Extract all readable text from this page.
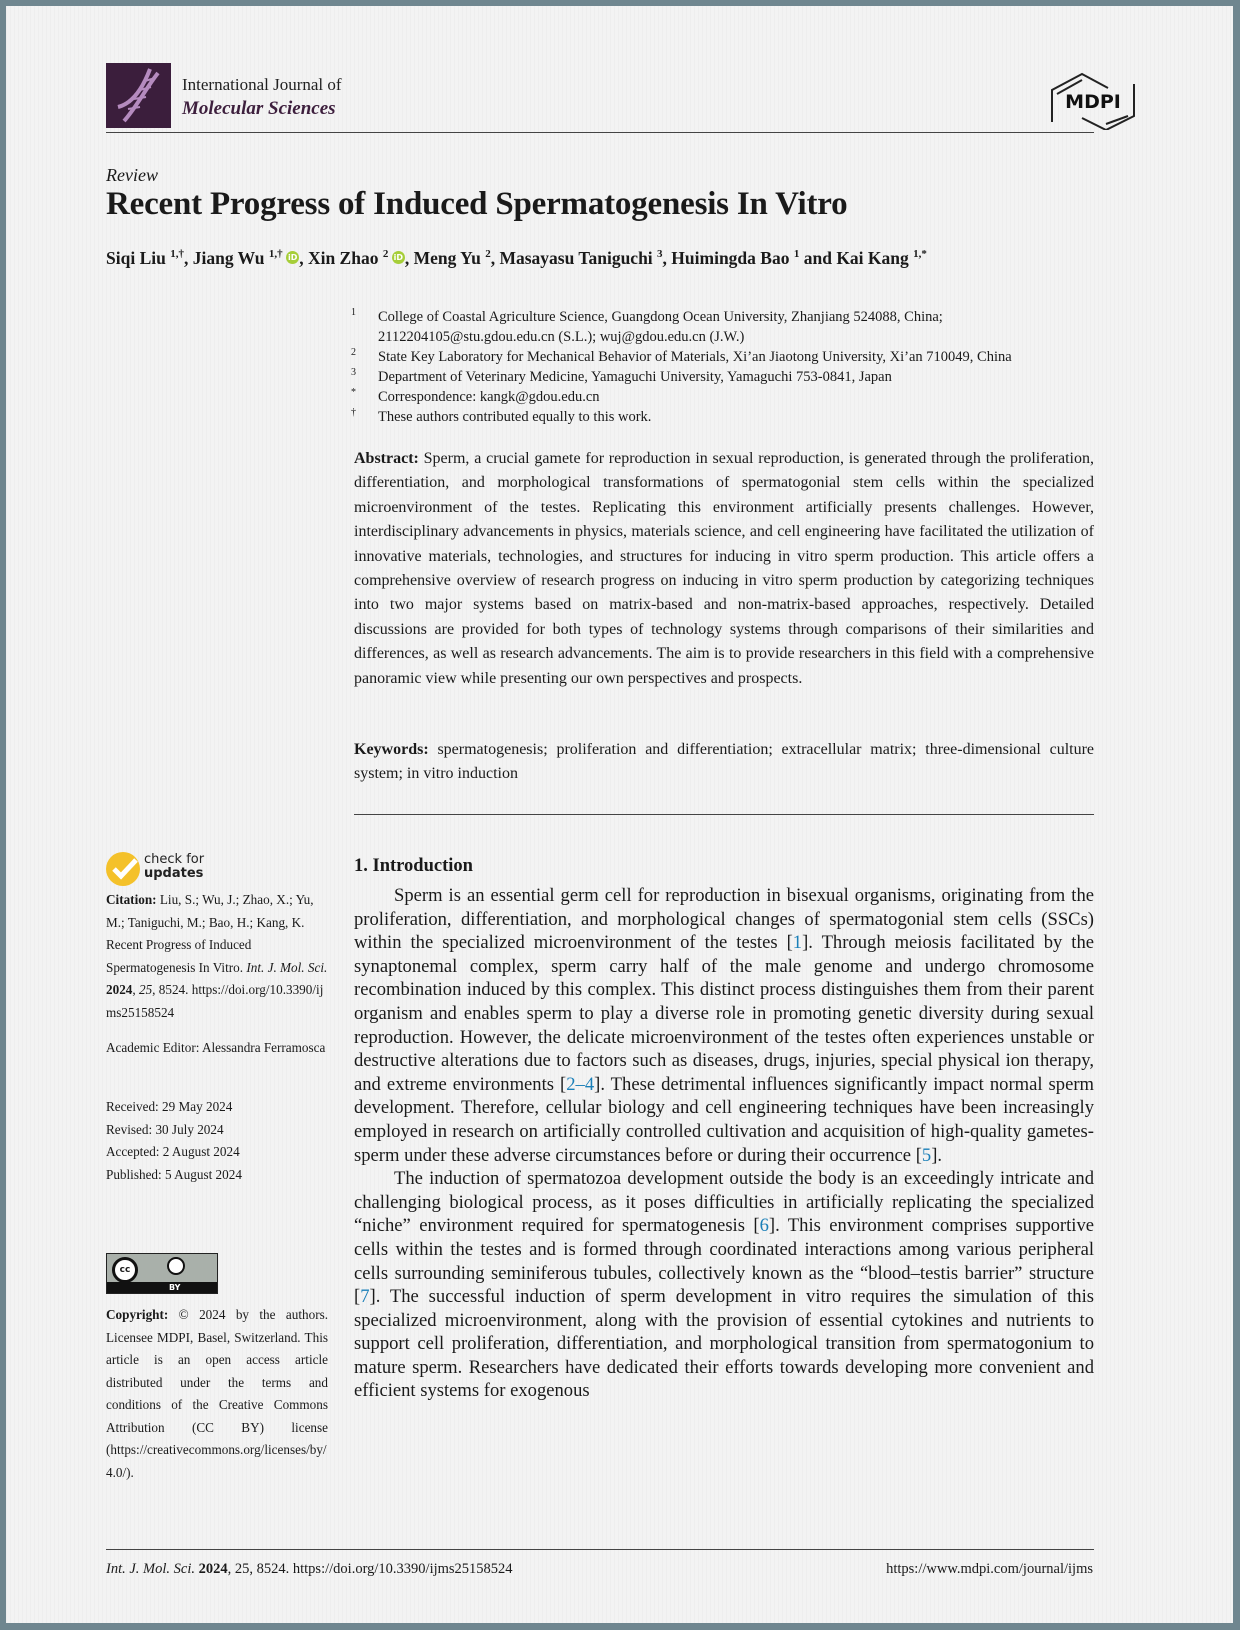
International Journal of
Molecular Sciences	MDPI
Review
Recent Progress of Induced Spermatogenesis In Vitro
Siqi Liu $^{1,\dagger}$, Jiang Wu $^{1,\dagger}$  iD , Xin Zhao $^2$  iD , Meng Yu $^2$, Masayasu Taniguchi $^3$, Huimingda Bao $^1$ and Kai Kang $^{1,*}$
1 College of Coastal Agriculture Science, Guangdong Ocean University, Zhanjiang 524088, China;
2112204105@stu.gdou.edu.cn (S.L.); wuj@gdou.edu.cn (J.W.)
2 State Key Laboratory for Mechanical Behavior of Materials, Xi’an Jiaotong University, Xi’an 710049, China
3 Department of Veterinary Medicine, Yamaguchi University, Yamaguchi 753-0841, Japan
* Correspondence: kangk@gdou.edu.cn
† These authors contributed equally to this work.
Abstract: Sperm, a crucial gamete for reproduction in sexual reproduction, is generated through the proliferation, differentiation, and morphological transformations of spermatogonial stem cells within the specialized microenvironment of the testes. Replicating this environment artificially presents challenges. However, interdisciplinary advancements in physics, materials science, and cell engineering have facilitated the utilization of innovative materials, technologies, and structures for inducing in vitro sperm production. This article offers a comprehensive overview of research progress on inducing in vitro sperm production by categorizing techniques into two major systems based on matrix-based and non-matrix-based approaches, respectively. Detailed discussions are provided for both types of technology systems through comparisons of their similarities and differences, as well as research advancements. The aim is to provide researchers in this field with a comprehensive panoramic view while presenting our own perspectives and prospects.
Keywords: spermatogenesis; proliferation and differentiation; extracellular matrix; three-dimensional culture system; in vitro induction
check for
updates
Citation: Liu, S.; Wu, J.; Zhao, X.; Yu, M.; Taniguchi, M.; Bao, H.; Kang, K. Recent Progress of Induced Spermatogenesis In Vitro. Int. J. Mol. Sci. 2024, 25, 8524. https://doi.org/10.3390/ijms25158524
Academic Editor: Alessandra Ferramosca
Received: 29 May 2024
Revised: 30 July 2024
Accepted: 2 August 2024
Published: 5 August 2024
cc
BY
Copyright: © 2024 by the authors. Licensee MDPI, Basel, Switzerland. This article is an open access article distributed under the terms and conditions of the Creative Commons Attribution (CC BY) license (https://creativecommons.org/licenses/by/4.0/).
1. Introduction
Sperm is an essential germ cell for reproduction in bisexual organisms, originating from the proliferation, differentiation, and morphological changes of spermatogonial stem cells (SSCs) within the specialized microenvironment of the testes [1]. Through meiosis facilitated by the synaptonemal complex, sperm carry half of the male genome and undergo chromosome recombination induced by this complex. This distinct process distinguishes them from their parent organism and enables sperm to play a diverse role in promoting genetic diversity during sexual reproduction. However, the delicate microenvironment of the testes often experiences unstable or destructive alterations due to factors such as diseases, drugs, injuries, special physical ion therapy, and extreme environments [2–4]. These detrimental influences significantly impact normal sperm development. Therefore, cellular biology and cell engineering techniques have been increasingly employed in research on artificially controlled cultivation and acquisition of high-quality gametes-sperm under these adverse circumstances before or during their occurrence [5].
The induction of spermatozoa development outside the body is an exceedingly intricate and challenging biological process, as it poses difficulties in artificially replicating the specialized “niche” environment required for spermatogenesis [6]. This environment comprises supportive cells within the testes and is formed through coordinated interactions among various peripheral cells surrounding seminiferous tubules, collectively known as the “blood–testis barrier” structure [7]. The successful induction of sperm development in vitro requires the simulation of this specialized microenvironment, along with the provision of essential cytokines and nutrients to support cell proliferation, differentiation, and morphological transition from spermatogonium to mature sperm. Researchers have dedicated their efforts towards developing more convenient and efficient systems for exogenous
Int. J. Mol. Sci. 2024, 25, 8524. https://doi.org/10.3390/ijms25158524	https://www.mdpi.com/journal/ijms
